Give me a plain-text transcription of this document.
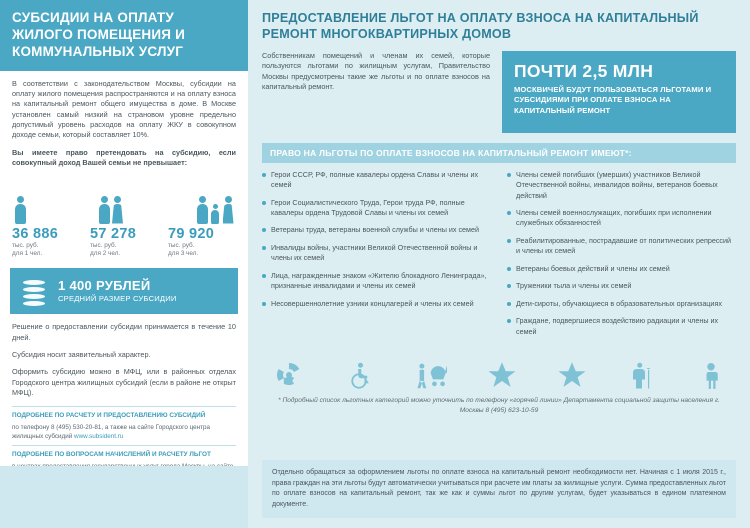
СУБСИДИИ НА ОПЛАТУ ЖИЛОГО ПОМЕЩЕНИЯ И КОММУНАЛЬНЫХ УСЛУГ

В соответствии с законодательством Москвы, субсидии на оплату жилого помещения распространяются и на оплату взноса на капитальный ремонт общего имущества в доме. В Москве установлен самый низкий на страновом уровне предельно допустимый уровень расходов на оплату ЖКУ в совокупном доходе семьи, который составляет 10%.

Вы имеете право претендовать на субсидию, если совокупный доход Вашей семьи не превышает:

36 886
тыс. руб.
для 1 чел.
57 278
тыс. руб.
для 2 чел.
79 920
тыс. руб.
для 3 чел.
1 400 РУБЛЕЙ
СРЕДНИЙ РАЗМЕР СУБСИДИИ

Решение о предоставлении субсидии принимается в течение 10 дней.

Субсидия носит заявительный характер.

Оформить субсидию можно в МФЦ, или в районных отделах Городского центра жилищных субсидий (если в районе не открыт МФЦ).

ПОДРОБНЕЕ ПО РАСЧЕТУ И ПРЕДОСТАВЛЕНИЮ СУБСИДИЙ
по телефону 8 (495) 530-20-81, а также на сайте Городского центра жилищных субсидий www.subsident.ru
ПОДРОБНЕЕ ПО ВОПРОСАМ НАЧИСЛЕНИЙ И РАСЧЕТУ ЛЬГОТ
ПРЕДОСТАВЛЕНИЕ ЛЬГОТ НА ОПЛАТУ ВЗНОСА НА КАПИТАЛЬНЫЙ РЕМОНТ МНОГОКВАРТИРНЫХ ДОМОВ
Собственникам помещений и членам их семей, которые пользуются льготами по жилищным услугам, Правительство Москвы предусмотрены такие же льготы и по оплате взносов на капитальный ремонт.
ПОЧТИ 2,5 МЛН
МОСКВИЧЕЙ БУДУТ ПОЛЬЗОВАТЬСЯ ЛЬГОТАМИ И СУБСИДИЯМИ ПРИ ОПЛАТЕ ВЗНОСА НА КАПИТАЛЬНЫЙ РЕМОНТ
ПРАВО НА ЛЬГОТЫ ПО ОПЛАТЕ ВЗНОСОВ НА КАПИТАЛЬНЫЙ РЕМОНТ ИМЕЮТ*:
Герои СССР, РФ, полные кавалеры ордена Славы и члены их семей
Герои Социалистического Труда, Герои труда РФ, полные кавалеры ордена Трудовой Славы и члены их семей
Ветераны труда, ветераны военной службы и члены их семей
Инвалиды войны, участники Великой Отечественной войны и члены их семей
Лица, награжденные знаком «Жителю блокадного Ленинграда», признанные инвалидами и члены их семей
Несовершеннолетние узники концлагерей и члены их семей
Члены семей погибших (умерших) участников Великой Отечественной войны, инвалидов войны, ветеранов боевых действий
Члены семей военнослужащих, погибших при исполнении служебных обязанностей
Реабилитированные, пострадавшие от политических репрессий и члены их семей
Ветераны боевых действий и члены их семей
Труженики тыла и члены их семей
Дети-сироты, обучающиеся в образовательных организациях
Граждане, подвергшиеся воздействию радиации и члены их семей
* Подробный список льготных категорий можно уточнить по телефону «горячей линии» Департамента социальной защиты населения г. Москвы 8 (495) 623-10-59
Отдельно обращаться за оформлением льготы по оплате взноса на капитальный ремонт необходимости нет. Начиная с 1 июля 2015 г., права граждан на эти льготы будут автоматически учитываться при расчете им платы за жилищные услуги. Сумма предоставленных льгот по оплате взносов на капитальный ремонт, так же как и суммы льгот по другим услугам, будет указываться в едином платежном документе.
